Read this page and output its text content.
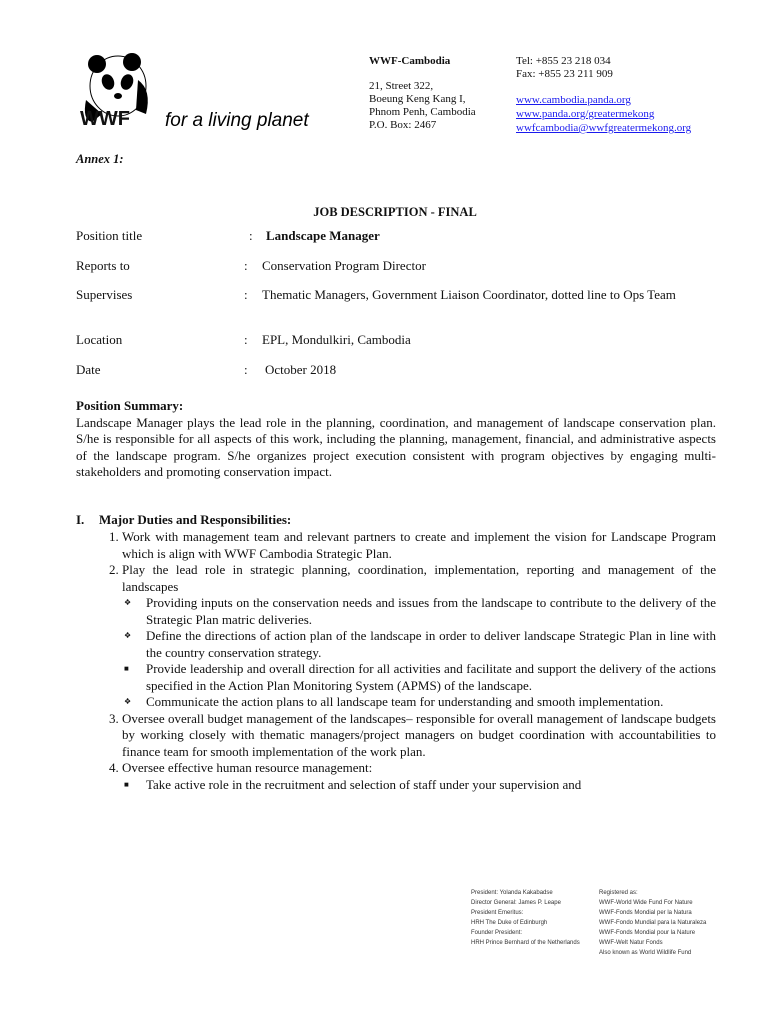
WWF for a living planet
WWF-Cambodia
21, Street 322,
Boeung Keng Kang I,
Phnom Penh, Cambodia
P.O. Box: 2467
Tel: +855 23 218 034
Fax: +855 23 211 909
www.cambodia.panda.org
www.panda.org/greatermekong
wwfcambodia@wwfgreatermekong.org
Annex 1:
JOB DESCRIPTION - FINAL
Position title	: Landscape Manager
Reports to	: Conservation Program Director
Supervises	: Thematic Managers, Government Liaison Coordinator, dotted line to Ops Team
Location	: EPL, Mondulkiri, Cambodia
Date	: October 2018
Position Summary:
Landscape Manager plays the lead role in the planning, coordination, and management of landscape conservation plan. S/he is responsible for all aspects of this work, including the planning, management, financial, and administrative aspects of the landscape program. S/he organizes project execution consistent with program objectives by engaging multi-stakeholders and promoting conservation impact.
I. Major Duties and Responsibilities:
1. Work with management team and relevant partners to create and implement the vision for Landscape Program which is align with WWF Cambodia Strategic Plan.
2. Play the lead role in strategic planning, coordination, implementation, reporting and management of the landscapes
❖ Providing inputs on the conservation needs and issues from the landscape to contribute to the delivery of the Strategic Plan matric deliveries.
❖ Define the directions of action plan of the landscape in order to deliver landscape Strategic Plan in line with the country conservation strategy.
■ Provide leadership and overall direction for all activities and facilitate and support the delivery of the actions specified in the Action Plan Monitoring System (APMS) of the landscape.
❖ Communicate the action plans to all landscape team for understanding and smooth implementation.
3. Oversee overall budget management of the landscapes– responsible for overall management of landscape budgets by working closely with thematic managers/project managers on budget coordination with accountabilities to finance team for smooth implementation of the work plan.
4. Oversee effective human resource management:
■ Take active role in the recruitment and selection of staff under your supervision and
President: Yolanda Kakabadse
Director General: James P. Leape
President Emeritus:
HRH The Duke of Edinburgh
Founder President:
HRH Prince Bernhard of the Netherlands
Registered as:
WWF-World Wide Fund For Nature
WWF-Fonds Mondial per la Natura
WWF-Fondo Mundial para la Naturaleza
WWF-Fonds Mondial pour la Nature
WWF-Welt Natur Fonds
Also known as World Wildlife Fund
